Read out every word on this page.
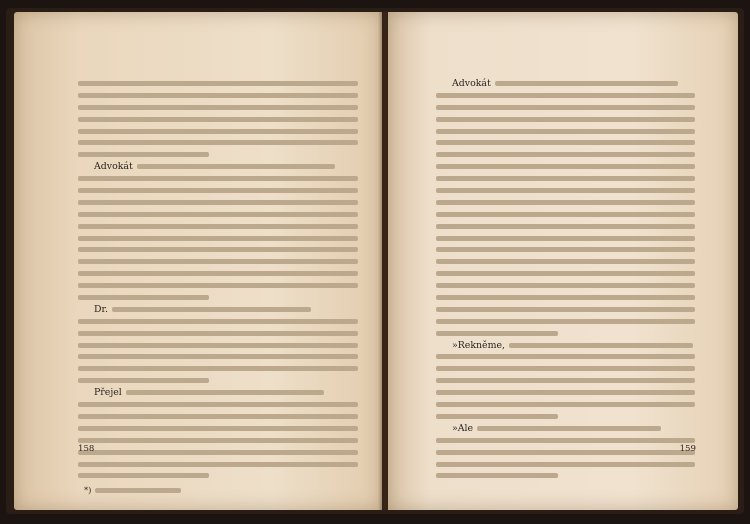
Advokát
Dr.
Přejel
*)
158
Advokát
»Rekněme,
»Ale
159
